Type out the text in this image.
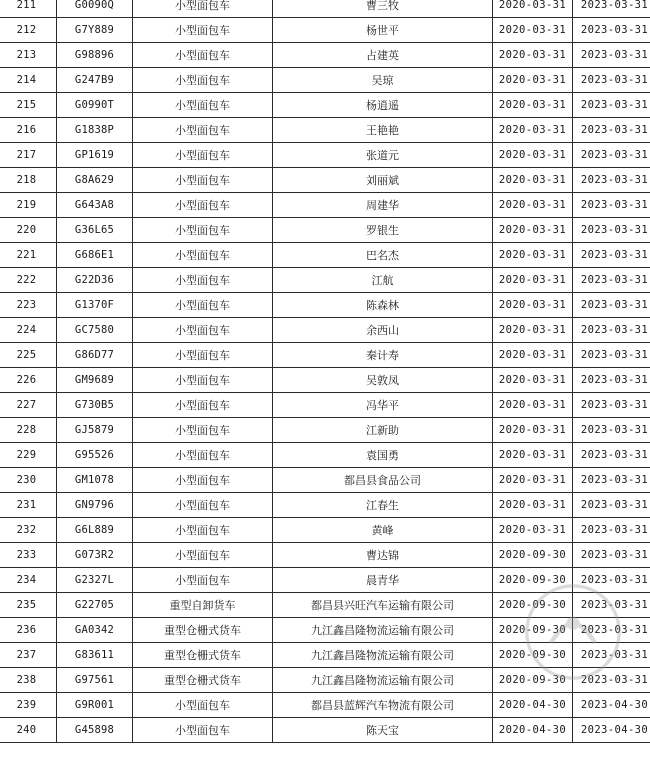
211	G0090Q	小型面包车	曹三牧	2020-03-31	2023-03-31
212	G7Y889	小型面包车	杨世平	2020-03-31	2023-03-31
213	G98896	小型面包车	占建英	2020-03-31	2023-03-31
214	G247B9	小型面包车	吴琼	2020-03-31	2023-03-31
215	G0990T	小型面包车	杨逍遥	2020-03-31	2023-03-31
216	G1838P	小型面包车	王艳艳	2020-03-31	2023-03-31
217	GP1619	小型面包车	张道元	2020-03-31	2023-03-31
218	G8A629	小型面包车	刘丽斌	2020-03-31	2023-03-31
219	G643A8	小型面包车	周建华	2020-03-31	2023-03-31
220	G36L65	小型面包车	罗银生	2020-03-31	2023-03-31
221	G686E1	小型面包车	巴名杰	2020-03-31	2023-03-31
222	G22D36	小型面包车	江航	2020-03-31	2023-03-31
223	G1370F	小型面包车	陈森林	2020-03-31	2023-03-31
224	GC7580	小型面包车	余西山	2020-03-31	2023-03-31
225	G86D77	小型面包车	秦计寿	2020-03-31	2023-03-31
226	GM9689	小型面包车	吴敦凤	2020-03-31	2023-03-31
227	G730B5	小型面包车	冯华平	2020-03-31	2023-03-31
228	GJ5879	小型面包车	江新助	2020-03-31	2023-03-31
229	G95526	小型面包车	袁国勇	2020-03-31	2023-03-31
230	GM1078	小型面包车	都昌县食品公司	2020-03-31	2023-03-31
231	GN9796	小型面包车	江春生	2020-03-31	2023-03-31
232	G6L889	小型面包车	黄峰	2020-03-31	2023-03-31
233	G073R2	小型面包车	曹达锦	2020-09-30	2023-03-31
234	G2327L	小型面包车	晨青华	2020-09-30	2023-03-31
235	G22705	重型自卸货车	都昌县兴旺汽车运输有限公司	2020-09-30	2023-03-31
236	GA0342	重型仓栅式货车	九江鑫昌隆物流运输有限公司	2020-09-30	2023-03-31
237	G83611	重型仓栅式货车	九江鑫昌隆物流运输有限公司	2020-09-30	2023-03-31
238	G97561	重型仓栅式货车	九江鑫昌隆物流运输有限公司	2020-09-30	2023-03-31
239	G9R001	小型面包车	都昌县蓝辉汽车物流有限公司	2020-04-30	2023-04-30
240	G45898	小型面包车	陈天宝	2020-04-30	2023-04-30
